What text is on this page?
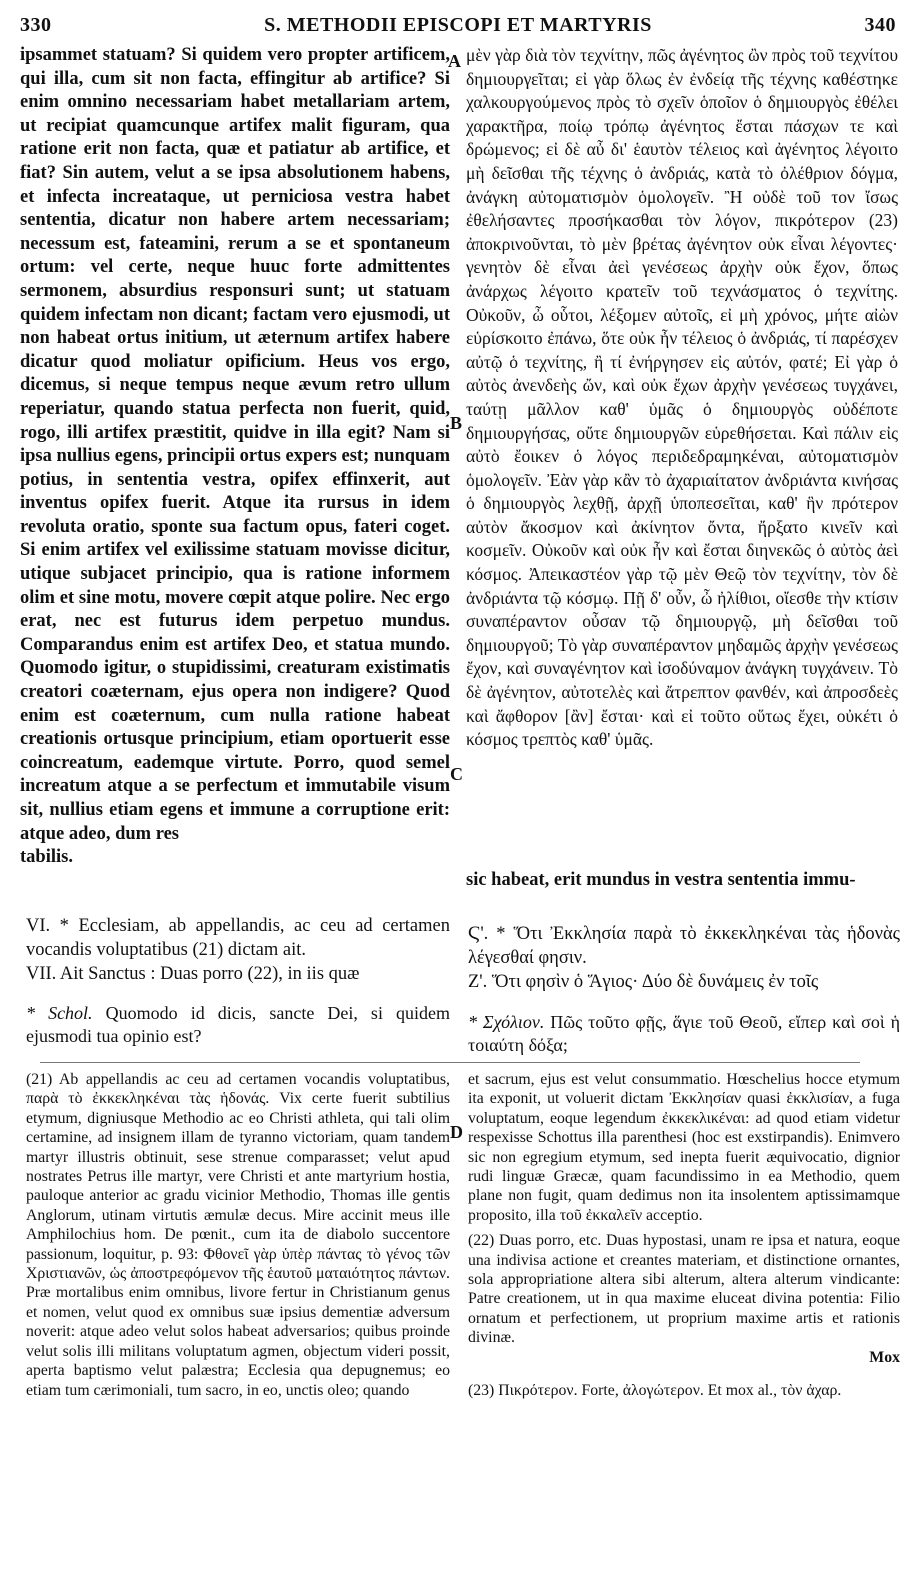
330	S. METHODII EPISCOPI ET MARTYRIS	340
A
B
C
D
ipsammet statuam? Si quidem vero propter artificem, qui illa, cum sit non facta, effingitur ab artifice? Si enim omnino necessariam habet metallariam artem, ut recipiat quamcunque artifex malit figuram, qua ratione erit non facta, quæ et patiatur ab artifice, et fiat? Sin autem, velut a se ipsa absolutionem habens, et infecta increataque, ut perniciosa vestra habet sententia, dicatur non habere artem necessariam; necessum est, fateamini, rerum a se et spontaneum ortum: vel certe, neque huuc forte admittentes sermonem, absurdius responsuri sunt; ut statuam quidem infectam non dicant; factam vero ejusmodi, ut non habeat ortus initium, ut æternum artifex habere dicatur quod moliatur opificium. Heus vos ergo, dicemus, si neque tempus neque ævum retro ullum reperiatur, quando statua perfecta non fuerit, quid, rogo, illi artifex præstitit, quidve in illa egit? Nam si ipsa nullius egens, principii ortus expers est; nunquam potius, in sententia vestra, opifex effinxerit, aut inventus opifex fuerit. Atque ita rursus in idem revoluta oratio, sponte sua factum opus, fateri coget. Si enim artifex vel exilissime statuam movisse dicitur, utique subjacet principio, qua is ratione informem olim et sine motu, movere cœpit atque polire. Nec ergo erat, nec est futurus idem perpetuo mundus. Comparandus enim est artifex Deo, et statua mundo. Quomodo igitur, o stupidissimi, creaturam existimatis creatori coæternam, ejus opera non indigere? Quod enim est coæternum, cum nulla ratione habeat creationis ortusque principium, etiam oportuerit esse coincreatum, eademque virtute. Porro, quod semel increatum atque a se perfectum et immutabile visum sit, nullius etiam egens et immune a corruptione erit: atque adeo, dum res
tabilis.
μὲν γὰρ διὰ τὸν τεχνίτην, πῶς ἀγένητος ὢν πρὸς τοῦ τεχνίτου δημιουργεῖται; εἰ γὰρ ὅλως ἐν ἐνδείᾳ τῆς τέχνης καθέστηκε χαλκουργούμενος πρὸς τὸ σχεῖν ὁποῖον ὁ δημιουργὸς ἐθέλει χαρακτῆρα, ποίῳ τρόπῳ ἀγένητος ἔσται πάσχων τε καὶ δρώμενος; εἰ δὲ αὖ δι' ἑαυτὸν τέλειος καὶ ἀγένητος λέγοιτο μὴ δεῖσθαι τῆς τέχνης ὁ ἀνδριάς, κατὰ τὸ ὀλέθριον δόγμα, ἀνάγκη αὐτοματισμὸν ὁμολογεῖν. Ἢ οὐδὲ τοῦ τον ἴσως ἐθελήσαντες προσήκασθαι τὸν λόγον, πικρότερον (23) ἀποκρινοῦνται, τὸ μὲν βρέτας ἀγένητον οὐκ εἶναι λέγοντες· γενητὸν δὲ εἶναι ἀεὶ γενέσεως ἀρχὴν οὐκ ἔχον, ὅπως ἀνάρχως λέγοιτο κρατεῖν τοῦ τεχνάσματος ὁ τεχνίτης. Οὐκοῦν, ὦ οὗτοι, λέξομεν αὐτοῖς, εἰ μὴ χρόνος, μήτε αἰὼν εὑρίσκοιτο ἐπάνω, ὅτε οὐκ ἦν τέλειος ὁ ἀνδριάς, τί παρέσχεν αὐτῷ ὁ τεχνίτης, ἢ τί ἐνήργησεν εἰς αὐτόν, φατέ; Εἰ γὰρ ὁ αὐτὸς ἀνενδεὴς ὤν, καὶ οὐκ ἔχων ἀρχὴν γενέσεως τυγχάνει, ταύτῃ μᾶλλον καθ' ὑμᾶς ὁ δημιουργὸς οὐδέποτε δημιουργήσας, οὔτε δημιουργῶν εὑρεθήσεται. Καὶ πάλιν εἰς αὐτὸ ἔοικεν ὁ λόγος περιδεδραμηκέναι, αὐτοματισμὸν ὁμολογεῖν. Ἐὰν γὰρ κἂν τὸ ἀχαριαίτατον ἀνδριάντα κινήσας ὁ δημιουργὸς λεχθῇ, ἀρχῇ ὑποπεσεῖται, καθ' ἣν πρότερον αὐτὸν ἄκοσμον καὶ ἀκίνητον ὄντα, ἤρξατο κινεῖν καὶ κοσμεῖν. Οὐκοῦν καὶ οὐκ ἦν καὶ ἔσται διηνεκῶς ὁ αὐτὸς ἀεὶ κόσμος. Ἀπεικαστέον γὰρ τῷ μὲν Θεῷ τὸν τεχνίτην, τὸν δὲ ἀνδριάντα τῷ κόσμῳ. Πῇ δ' οὖν, ὦ ἠλίθιοι, οἴεσθε τὴν κτίσιν συναπέραντον οὖσαν τῷ δημιουργῷ, μὴ δεῖσθαι τοῦ δημιουργοῦ; Τὸ γὰρ συναπέραντον μηδαμῶς ἀρχὴν γενέσεως ἔχον, καὶ συναγένητον καὶ ἰσοδύναμον ἀνάγκη τυγχάνειν. Τὸ δὲ ἀγένητον, αὐτοτελὲς καὶ ἄτρεπτον φανθέν, καὶ ἀπροσδεὲς καὶ ἄφθορον [ἂν] ἔσται· καὶ εἰ τοῦτο οὕτως ἔχει, οὐκέτι ὁ κόσμος τρεπτὸς καθ' ὑμᾶς.
sic habeat, erit mundus in vestra sententia immu-
VI. * Ecclesiam, ab appellandis, ac ceu ad certamen vocandis voluptatibus (21) dictam ait.
VII. Ait Sanctus : Duas porro (22), in iis quæ
* Schol. Quomodo id dicis, sancte Dei, si quidem ejusmodi tua opinio est?
Ϛ'. * Ὅτι Ἐκκλησία παρὰ τὸ ἐκκεκληκέναι τὰς ἡδονὰς λέγεσθαί φησιν.
Ζ'. Ὅτι φησὶν ὁ Ἅγιος· Δύο δὲ δυνάμεις ἐν τοῖς
* Σχόλιον. Πῶς τοῦτο φῇς, ἅγιε τοῦ Θεοῦ, εἴπερ καὶ σοὶ ἡ τοιαύτη δόξα;

(21) Ab appellandis ac ceu ad certamen vocandis voluptatibus, παρὰ τὸ ἐκκεκληκέναι τὰς ἡδονάς. Vix certe fuerit subtilius etymum, digniusque Methodio ac eo Christi athleta, qui tali olim certamine, ad insignem illam de tyranno victoriam, quam tandem martyr illustris obtinuit, sese strenue comparasset; velut apud nostrates Petrus ille martyr, vere Christi et ante martyrium hostia, pauloque anterior ac gradu vicinior Methodio, Thomas ille gentis Anglorum, utinam virtutis æmulæ decus. Mire accinit meus ille Amphilochius hom. De pœnit., cum ita de diabolo succentore passionum, loquitur, p. 93: Φθονεῖ γὰρ ὑπὲρ πάντας τὸ γένος τῶν Χριστιανῶν, ὡς ἀποστρεφόμενον τῆς ἑαυτοῦ ματαιότητος πάντων. Præ mortalibus enim omnibus, livore fertur in Christianum genus et nomen, velut quod ex omnibus suæ ipsius dementiæ adversum noverit: atque adeo velut solos habeat adversarios; quibus proinde velut solis illi militans voluptatum agmen, objectum videri possit, aperta baptismo velut palæstra; Ecclesia qua depugnemus; eo etiam tum cærimoniali, tum sacro, in eo, unctis oleo; quando

et sacrum, ejus est velut consummatio. Hœschelius hocce etymum ita exponit, ut voluerit dictam Ἐκκλησίαν quasi ἐκκλισίαν, a fuga voluptatum, eoque legendum ἐκκεκλικέναι: ad quod etiam videtur respexisse Schottus illa parenthesi (hoc est exstirpandis). Enimvero sic non egregium etymum, sed inepta fuerit æquivocatio, dignior rudi linguæ Græcæ, quam facundissimo in ea Methodio, quem plane non fugit, quam dedimus non ita insolentem aptissimamque proposito, illa τοῦ ἐκκαλεῖν acceptio.

(22) Duas porro, etc. Duas hypostasi, unam re ipsa et natura, eoque una indivisa actione et creantes materiam, et distinctione ornantes, sola appropriatione altera sibi alterum, altera alterum vindicante: Patre creationem, ut in qua maxime eluceat divina potentia: Filio ornatum et perfectionem, ut proprium maxime artis et rationis divinæ.

Mox

(23) Πικρότερον. Forte, ἀλογώτερον. Et mox al., τὸν ἀχαρ.
